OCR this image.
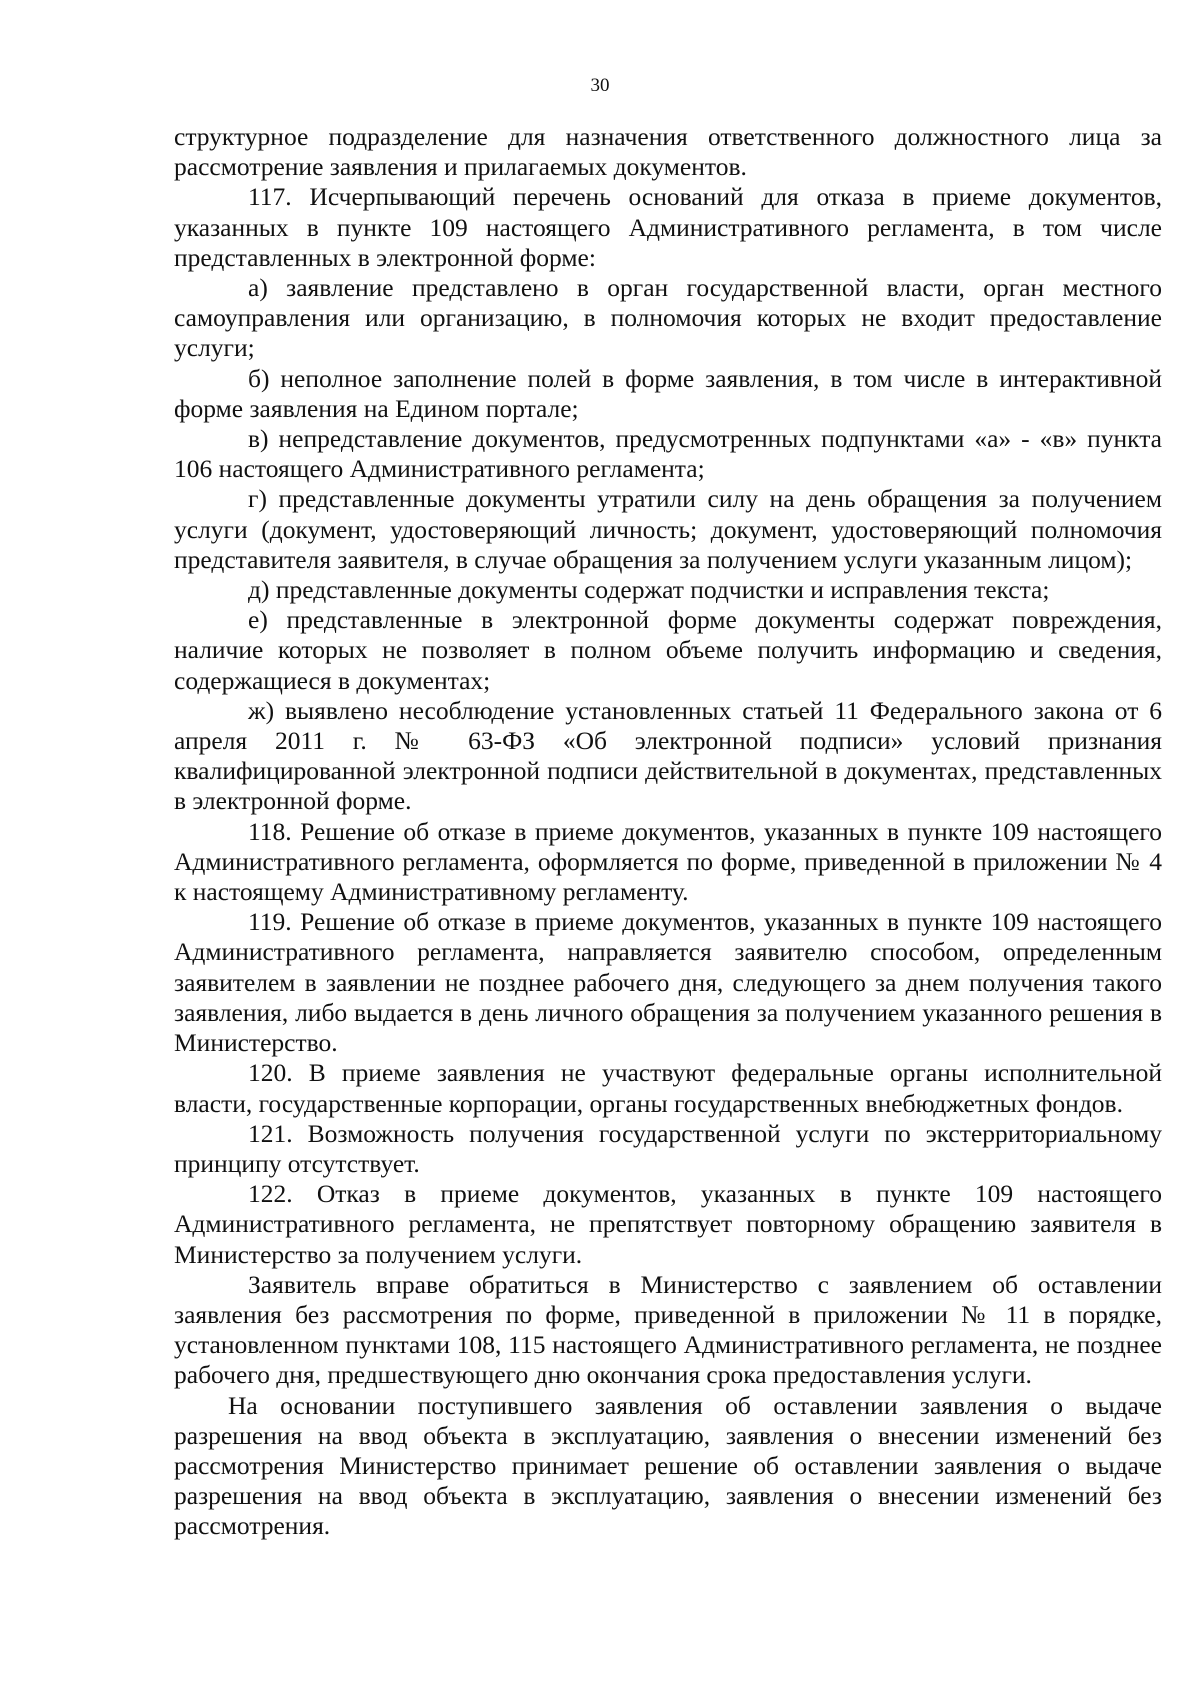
30

структурное подразделение для назначения ответственного должностного лица за рассмотрение заявления и прилагаемых документов.

117. Исчерпывающий перечень оснований для отказа в приеме документов, указанных в пункте 109 настоящего Административного регламента, в том числе представленных в электронной форме:

а) заявление представлено в орган государственной власти, орган местного самоуправления или организацию, в полномочия которых не входит предоставление услуги;

б) неполное заполнение полей в форме заявления, в том числе в интерактивной форме заявления на Едином портале;

в) непредставление документов, предусмотренных подпунктами «а» - «в» пункта 106 настоящего Административного регламента;

г) представленные документы утратили силу на день обращения за получением услуги (документ, удостоверяющий личность; документ, удостоверяющий полномочия представителя заявителя, в случае обращения за получением услуги указанным лицом);

д) представленные документы содержат подчистки и исправления текста;

е) представленные в электронной форме документы содержат повреждения, наличие которых не позволяет в полном объеме получить информацию и сведения, содержащиеся в документах;

ж) выявлено несоблюдение установленных статьей 11 Федерального закона от 6 апреля 2011 г. № 63-ФЗ «Об электронной подписи» условий признания квалифицированной электронной подписи действительной в документах, представленных в электронной форме.

118. Решение об отказе в приеме документов, указанных в пункте 109 настоящего Административного регламента, оформляется по форме, приведенной в приложении № 4 к настоящему Административному регламенту.

119. Решение об отказе в приеме документов, указанных в пункте 109 настоящего Административного регламента, направляется заявителю способом, определенным заявителем в заявлении не позднее рабочего дня, следующего за днем получения такого заявления, либо выдается в день личного обращения за получением указанного решения в Министерство.

120. В приеме заявления не участвуют федеральные органы исполнительной власти, государственные корпорации, органы государственных внебюджетных фондов.

121. Возможность получения государственной услуги по экстерриториальному принципу отсутствует.

122. Отказ в приеме документов, указанных в пункте 109 настоящего Административного регламента, не препятствует повторному обращению заявителя в Министерство за получением услуги.

Заявитель вправе обратиться в Министерство с заявлением об оставлении заявления без рассмотрения по форме, приведенной в приложении № 11 в порядке, установленном пунктами 108, 115 настоящего Административного регламента, не позднее рабочего дня, предшествующего дню окончания срока предоставления услуги.

На основании поступившего заявления об оставлении заявления о выдаче разрешения на ввод объекта в эксплуатацию, заявления о внесении изменений без рассмотрения Министерство принимает решение об оставлении заявления о выдаче разрешения на ввод объекта в эксплуатацию, заявления о внесении изменений без рассмотрения.
